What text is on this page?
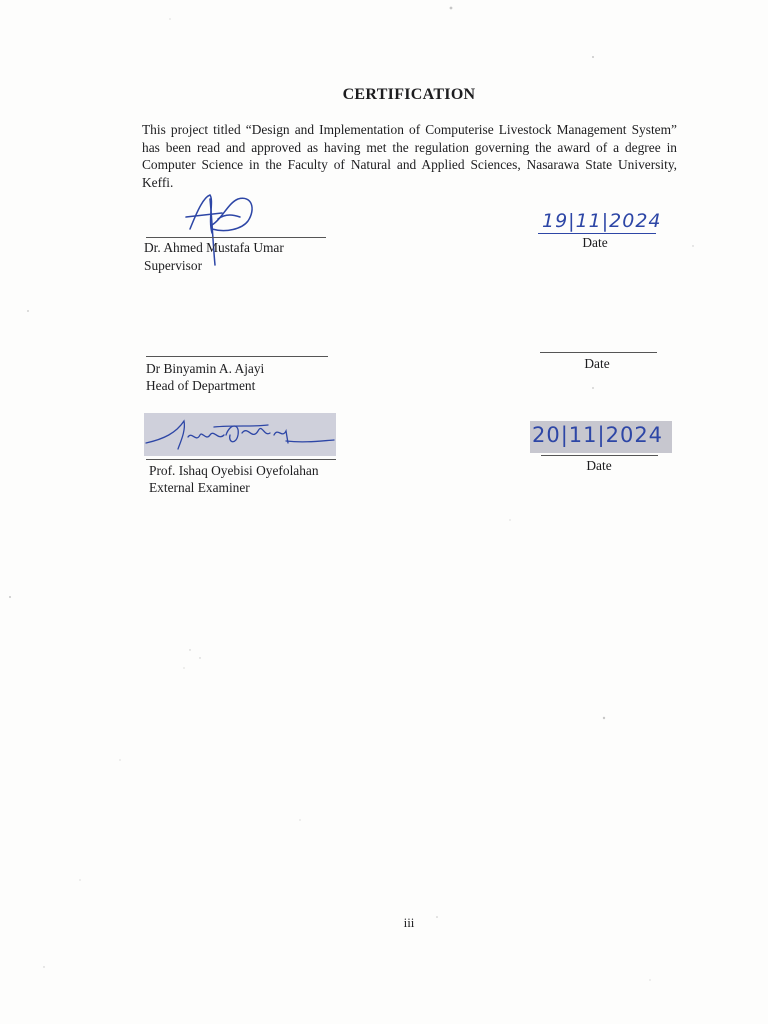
CERTIFICATION
This project titled “Design and Implementation of Computerise Livestock Management System” has been read and approved as having met the regulation governing the award of a degree in Computer Science in the Faculty of Natural and Applied Sciences, Nasarawa State University, Keffi.
Dr. Ahmed Mustafa Umar
Supervisor
19|11|2024
Date
Dr Binyamin A. Ajayi
Head of Department
Date
Prof. Ishaq Oyebisi Oyefolahan
External Examiner
20|11|2024
Date
iii
